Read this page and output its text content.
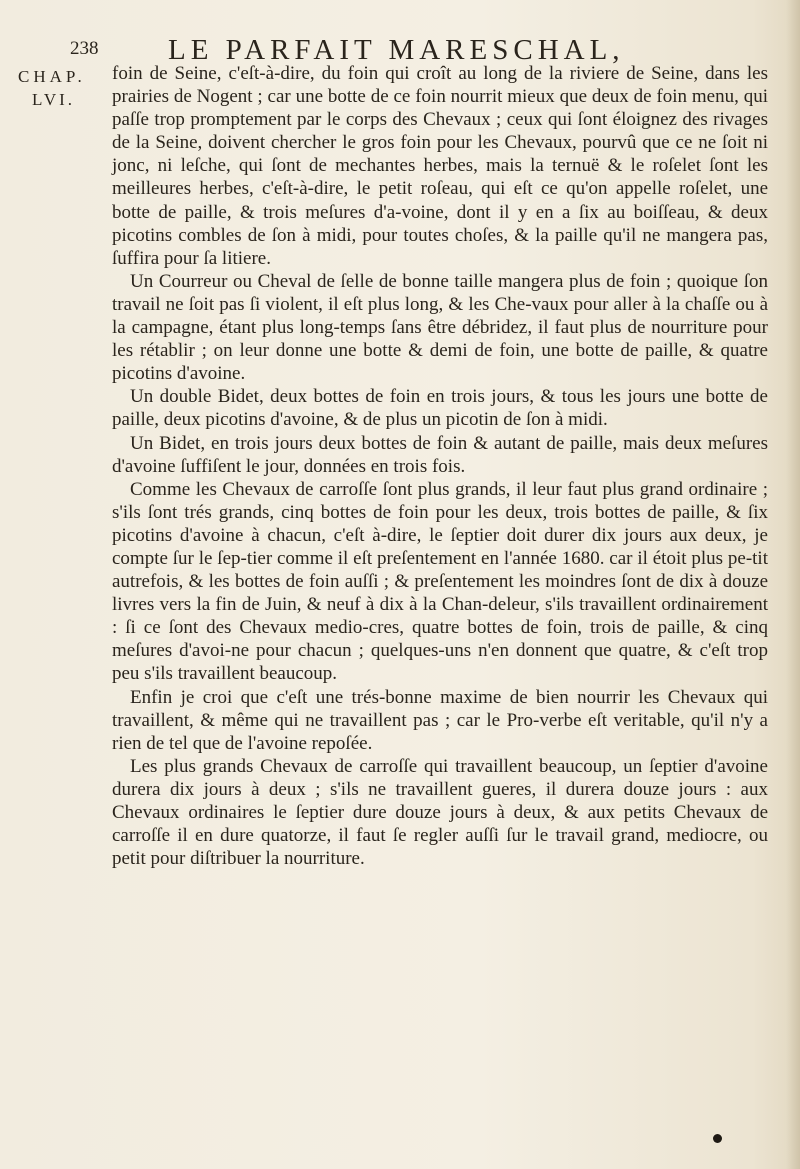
238 LE PARFAIT MARESCHAL,
CHAP.
LVI.

foin de Seine, c'eſt-à-dire, du foin qui croît au long de la riviere de Seine, dans les prairies de Nogent ; car une botte de ce foin nourrit mieux que deux de foin menu, qui paſſe trop promptement par le corps des Chevaux ; ceux qui ſont éloignez des rivages de la Seine, doivent chercher le gros foin pour les Chevaux, pourvû que ce ne ſoit ni jonc, ni leſche, qui ſont de mechantes herbes, mais la ternuë & le roſelet ſont les meilleures herbes, c'eſt-à-dire, le petit roſeau, qui eſt ce qu'on appelle roſelet, une botte de paille, & trois meſures d'a-voine, dont il y en a ſix au boiſſeau, & deux picotins combles de ſon à midi, pour toutes choſes, & la paille qu'il ne mangera pas, ſuffira pour ſa litiere.

Un Courreur ou Cheval de ſelle de bonne taille mangera plus de foin ; quoique ſon travail ne ſoit pas ſi violent, il eſt plus long, & les Che-vaux pour aller à la chaſſe ou à la campagne, étant plus long-temps ſans être débridez, il faut plus de nourriture pour les rétablir ; on leur donne une botte & demi de foin, une botte de paille, & quatre picotins d'avoine.

Un double Bidet, deux bottes de foin en trois jours, & tous les jours une botte de paille, deux picotins d'avoine, & de plus un picotin de ſon à midi.

Un Bidet, en trois jours deux bottes de foin & autant de paille, mais deux meſures d'avoine ſuffiſent le jour, données en trois fois.

Comme les Chevaux de carroſſe ſont plus grands, il leur faut plus grand ordinaire ; s'ils ſont trés grands, cinq bottes de foin pour les deux, trois bottes de paille, & ſix picotins d'avoine à chacun, c'eſt à-dire, le ſeptier doit durer dix jours aux deux, je compte ſur le ſep-tier comme il eſt preſentement en l'année 1680. car il étoit plus pe-tit autrefois, & les bottes de foin auſſi ; & preſentement les moindres ſont de dix à douze livres vers la fin de Juin, & neuf à dix à la Chan-deleur, s'ils travaillent ordinairement : ſi ce ſont des Chevaux medio-cres, quatre bottes de foin, trois de paille, & cinq meſures d'avoi-ne pour chacun ; quelques-uns n'en donnent que quatre, & c'eſt trop peu s'ils travaillent beaucoup.

Enfin je croi que c'eſt une trés-bonne maxime de bien nourrir les Chevaux qui travaillent, & même qui ne travaillent pas ; car le Pro-verbe eſt veritable, qu'il n'y a rien de tel que de l'avoine repoſée.

Les plus grands Chevaux de carroſſe qui travaillent beaucoup, un ſeptier d'avoine durera dix jours à deux ; s'ils ne travaillent gueres, il durera douze jours : aux Chevaux ordinaires le ſeptier dure douze jours à deux, & aux petits Chevaux de carroſſe il en dure quatorze, il faut ſe regler auſſi ſur le travail grand, mediocre, ou petit pour diſtribuer la nourriture.
